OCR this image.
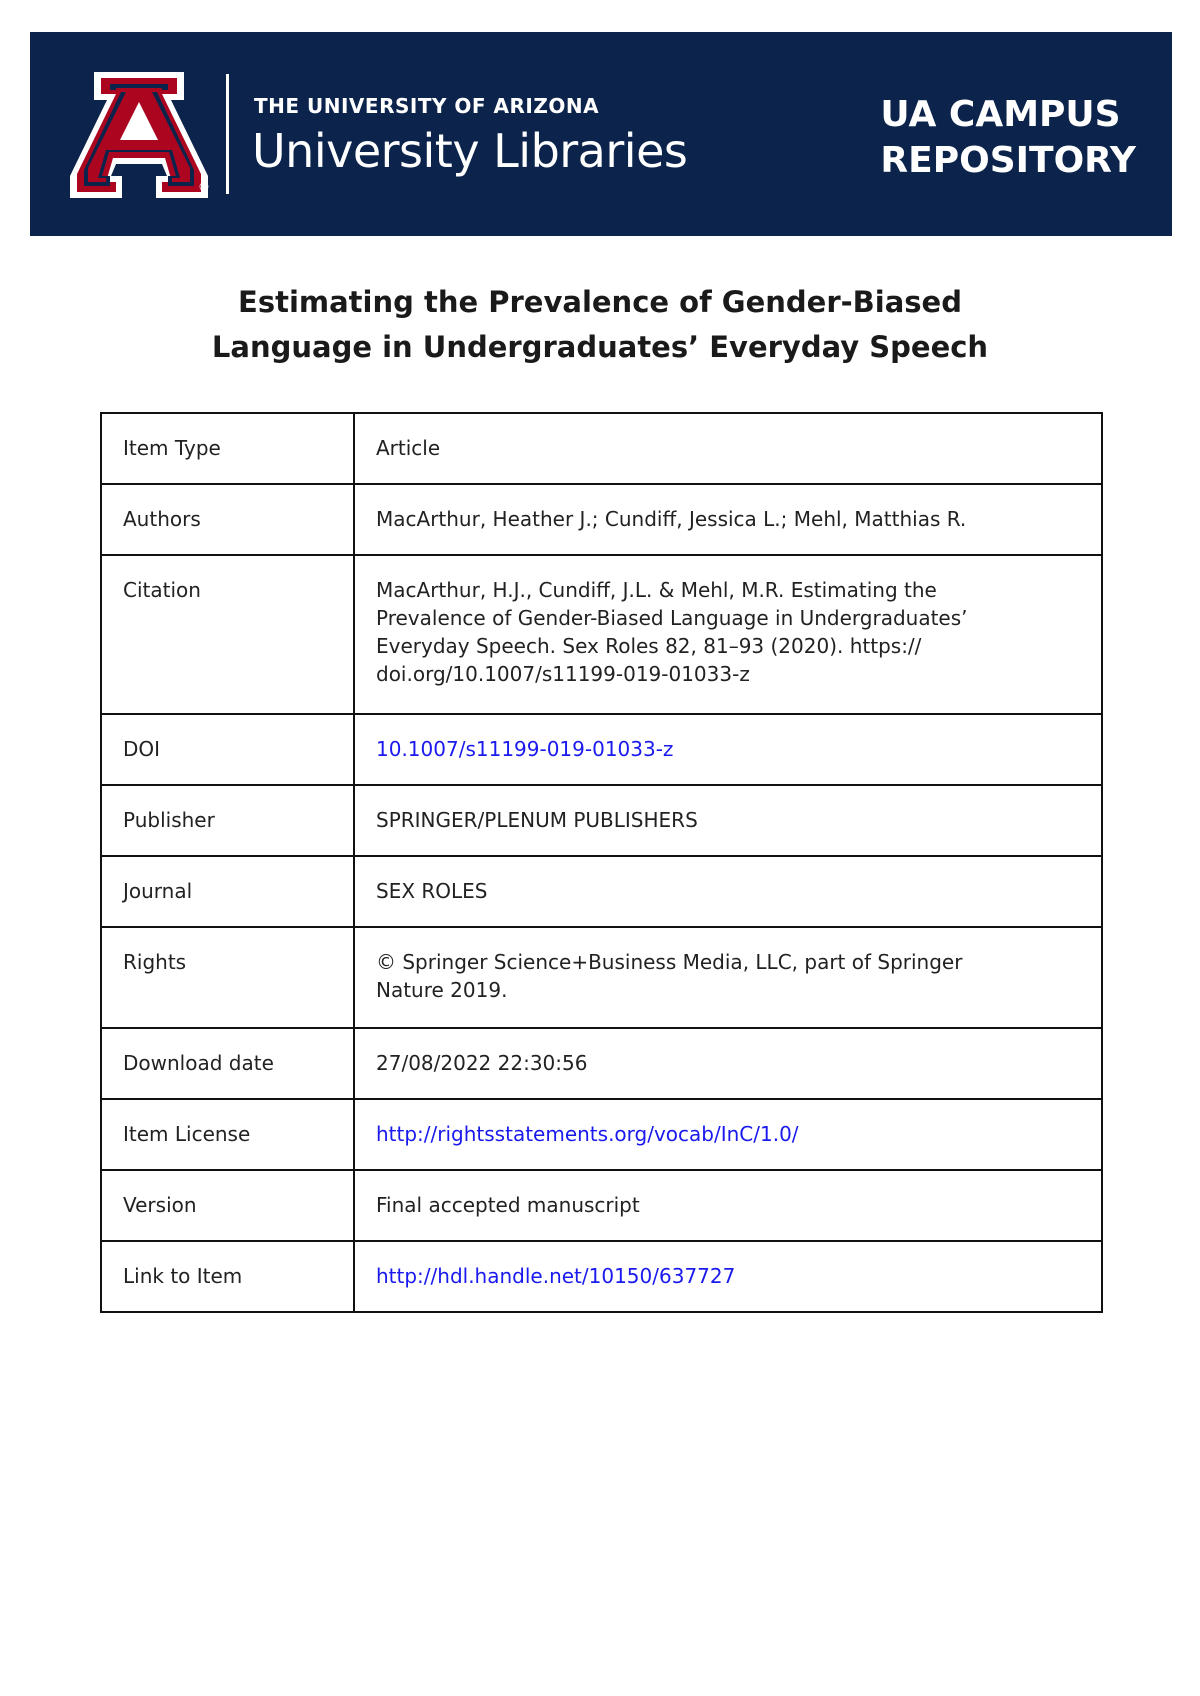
®
THE UNIVERSITY OF ARIZONA
University Libraries
UA CAMPUS
REPOSITORY
Estimating the Prevalence of Gender-Biased
Language in Undergraduates’ Everyday Speech
Item Type	Article
Authors	MacArthur, Heather J.; Cundiff, Jessica L.; Mehl, Matthias R.
Citation	MacArthur, H.J., Cundiff, J.L. & Mehl, M.R. Estimating the
Prevalence of Gender-Biased Language in Undergraduates’
Everyday Speech. Sex Roles 82, 81–93 (2020). https://
doi.org/10.1007/s11199-019-01033-z

DOI	10.1007/s11199-019-01033-z
Publisher	SPRINGER/PLENUM PUBLISHERS
Journal	SEX ROLES
Rights	© Springer Science+Business Media, LLC, part of Springer
Nature 2019.

Download date	27/08/2022 22:30:56
Item License	http://rightsstatements.org/vocab/InC/1.0/
Version	Final accepted manuscript
Link to Item	http://hdl.handle.net/10150/637727
